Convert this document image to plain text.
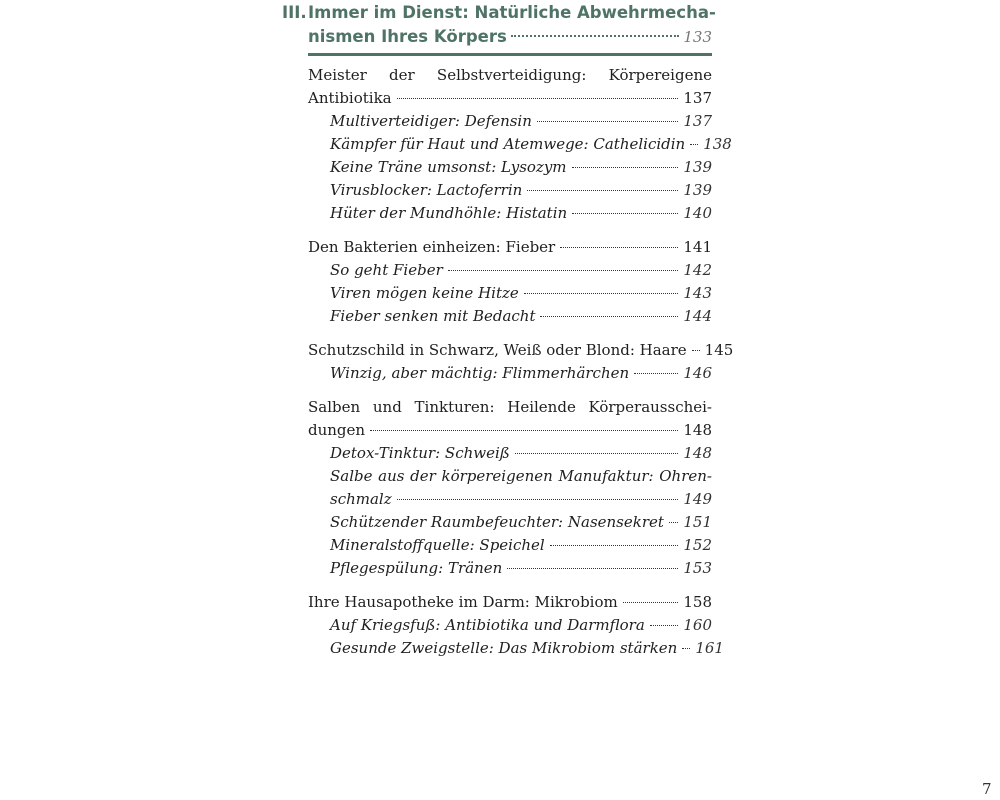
III. Immer im Dienst: Natürliche Abwehrmecha-
nismen Ihres Körpers	133
Meister der Selbstverteidigung: Körpereigene
Antibiotika	137
Multiverteidiger: Defensin	137
Kämpfer für Haut und Atemwege: Cathelicidin 138
Keine Träne umsonst: Lysozym	139
Virusblocker: Lactoferrin	139
Hüter der Mundhöhle: Histatin	140
Den Bakterien einheizen: Fieber	141
So geht Fieber	142
Viren mögen keine Hitze	143
Fieber senken mit Bedacht	144
Schutzschild in Schwarz, Weiß oder Blond: Haare 145
Winzig, aber mächtig: Flimmerhärchen	146
Salben und Tinkturen: Heilende Körperausschei-
dungen	148
Detox-Tinktur: Schweiß	148
Salbe aus der körpereigenen Manufaktur: Ohren-
schmalz	149
Schützender Raumbefeuchter: Nasensekret 151
Mineralstoffquelle: Speichel	152
Pflegespülung: Tränen	153
Ihre Hausapotheke im Darm: Mikrobiom	158
Auf Kriegsfuß: Antibiotika und Darmflora	160
Gesunde Zweigstelle: Das Mikrobiom stärken 161
7
